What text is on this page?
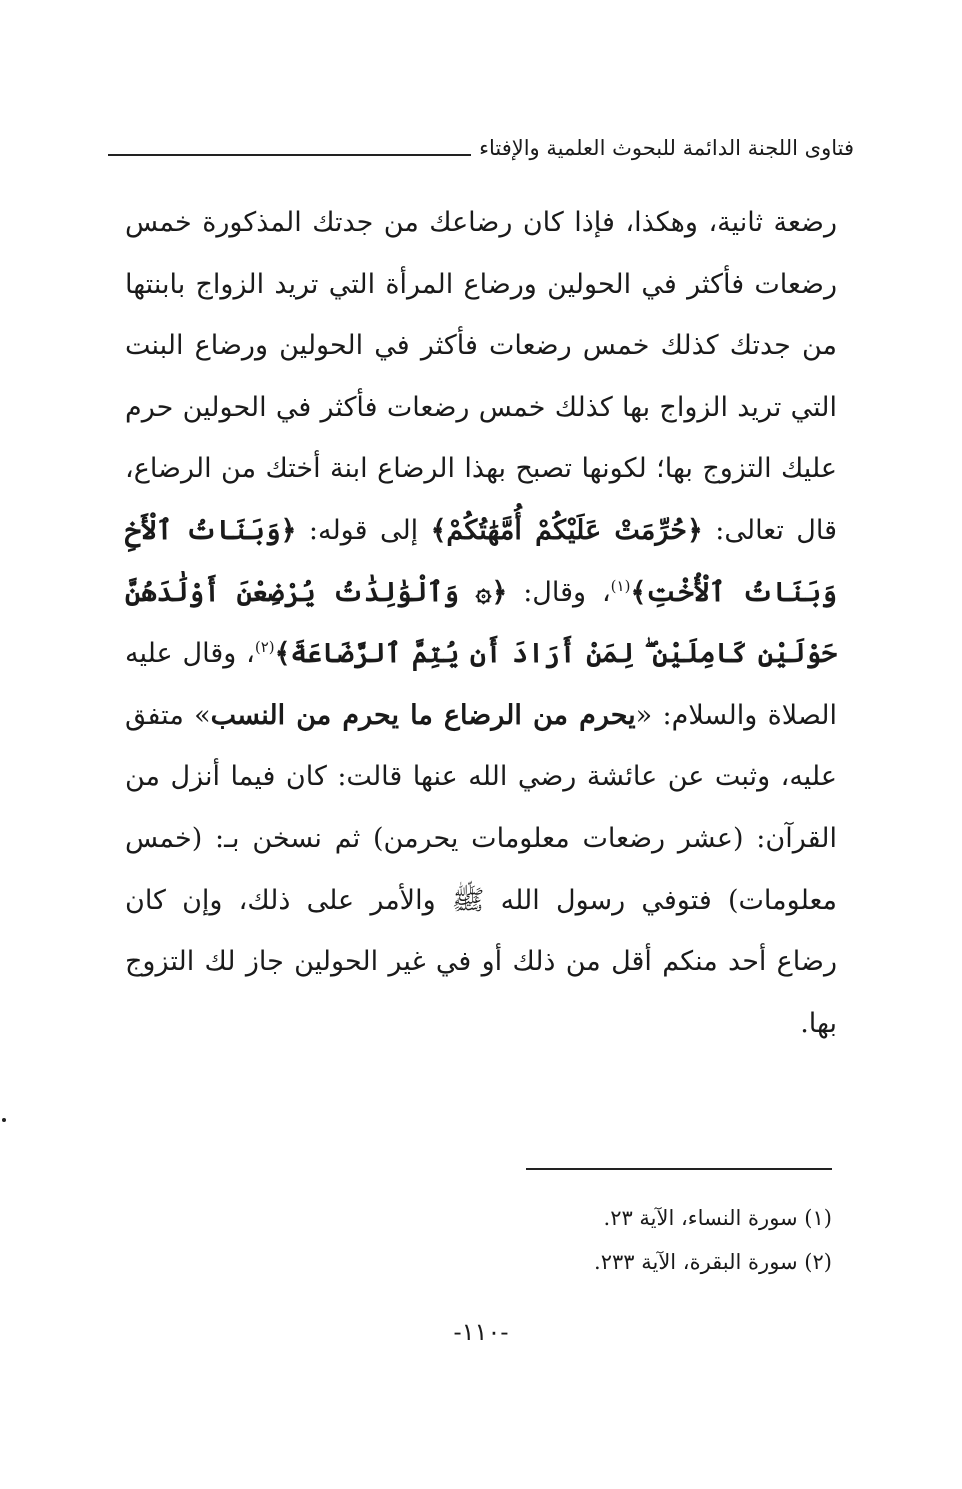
فتاوى اللجنة الدائمة للبحوث العلمية والإفتاء

رضعة ثانية، وهكذا، فإذا كان رضاعك من جدتك المذكورة خمس رضعات فأكثر في الحولين ورضاع المرأة التي تريد الزواج بابنتها من جدتك كذلك خمس رضعات فأكثر في الحولين ورضاع البنت التي تريد الزواج بها كذلك خمس رضعات فأكثر في الحولين حرم عليك التزوج بها؛ لكونها تصبح بهذا الرضاع ابنة أختك من الرضاع، قال تعالى: ﴿حُرِّمَتْ عَلَيْكُمْ أُمَّهَٰتُكُمْ﴾ إلى قوله: ﴿وَبَنَاتُ ٱلْأَخِ وَبَنَاتُ ٱلْأُخْتِ﴾$^{(١)}$، وقال: ﴿۞ وَٱلْوَٰلِدَٰتُ يُرْضِعْنَ أَوْلَٰدَهُنَّ حَوْلَيْنِ كَامِلَيْنِ ۖ لِمَنْ أَرَادَ أَن يُتِمَّ ٱلرَّضَاعَةَ﴾$^{(٢)}$، وقال عليه الصلاة والسلام: «يحرم من الرضاع ما يحرم من النسب» متفق عليه، وثبت عن عائشة رضي الله عنها قالت: كان فيما أنزل من القرآن: (عشر رضعات معلومات يحرمن) ثم نسخن بـ: (خمس معلومات) فتوفي رسول الله ﷺ والأمر على ذلك، وإن كان رضاع أحد منكم أقل من ذلك أو في غير الحولين جاز لك التزوج بها.

(١) سورة النساء، الآية ٢٣.
(٢) سورة البقرة، الآية ٢٣٣.
-١١٠-
